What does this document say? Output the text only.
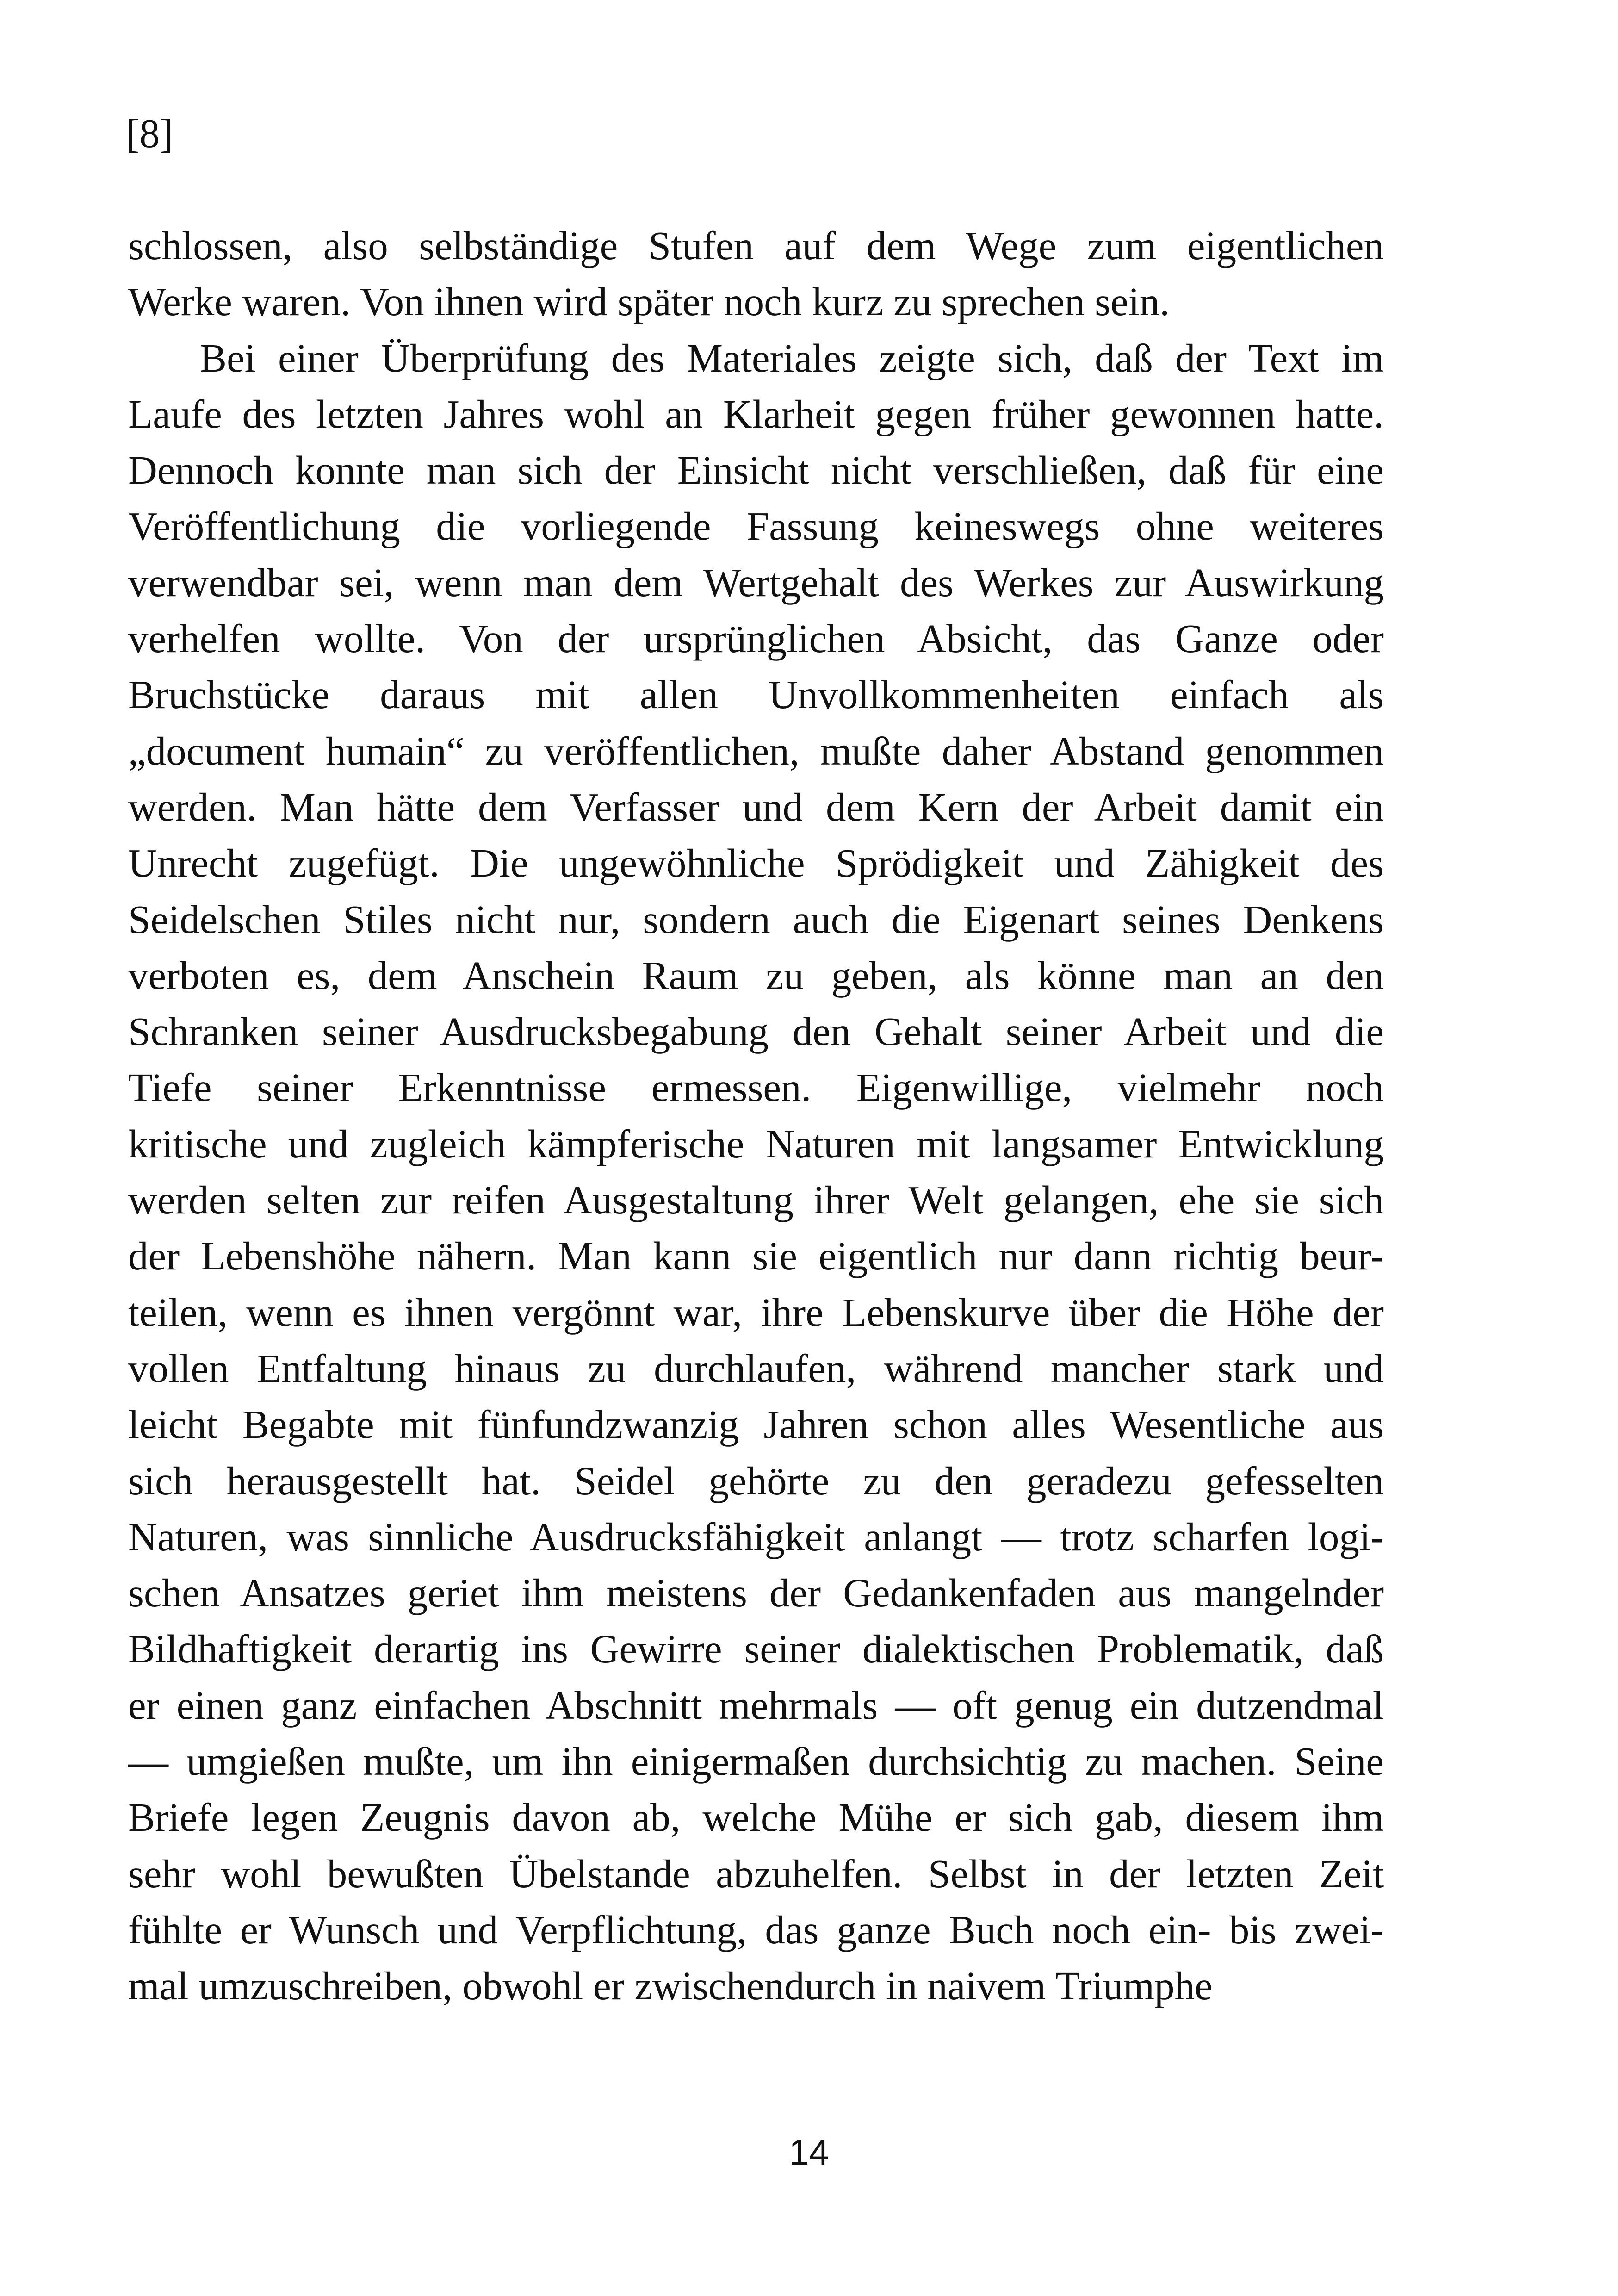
[8]
schlossen, also selbständige Stufen auf dem Wege zum eigentlichen
Werke waren. Von ihnen wird später noch kurz zu sprechen sein.
Bei einer Überprüfung des Materiales zeigte sich, daß der Text im
Laufe des letzten Jahres wohl an Klarheit gegen früher gewonnen hatte.
Dennoch konnte man sich der Einsicht nicht verschließen, daß für eine
Veröffentlichung die vorliegende Fassung keineswegs ohne weiteres
verwendbar sei, wenn man dem Wertgehalt des Werkes zur Auswirkung
verhelfen wollte. Von der ursprünglichen Absicht, das Ganze oder
Bruchstücke daraus mit allen Unvollkommenheiten einfach als
„document humain“ zu veröffentlichen, mußte daher Abstand genommen
werden. Man hätte dem Verfasser und dem Kern der Arbeit damit ein
Unrecht zugefügt. Die ungewöhnliche Sprödigkeit und Zähigkeit des
Seidelschen Stiles nicht nur, sondern auch die Eigenart seines Denkens
verboten es, dem Anschein Raum zu geben, als könne man an den
Schranken seiner Ausdrucksbegabung den Gehalt seiner Arbeit und die
Tiefe seiner Erkenntnisse ermessen. Eigenwillige, vielmehr noch
kritische und zugleich kämpferische Naturen mit langsamer Entwicklung
werden selten zur reifen Ausgestaltung ihrer Welt gelangen, ehe sie sich
der Lebenshöhe nähern. Man kann sie eigentlich nur dann richtig beur-
teilen, wenn es ihnen vergönnt war, ihre Lebenskurve über die Höhe der
vollen Entfaltung hinaus zu durchlaufen, während mancher stark und
leicht Begabte mit fünfundzwanzig Jahren schon alles Wesentliche aus
sich herausgestellt hat. Seidel gehörte zu den geradezu gefesselten
Naturen, was sinnliche Ausdrucksfähigkeit anlangt — trotz scharfen logi-
schen Ansatzes geriet ihm meistens der Gedankenfaden aus mangelnder
Bildhaftigkeit derartig ins Gewirre seiner dialektischen Problematik, daß
er einen ganz einfachen Abschnitt mehrmals — oft genug ein dutzendmal
— umgießen mußte, um ihn einigermaßen durchsichtig zu machen. Seine
Briefe legen Zeugnis davon ab, welche Mühe er sich gab, diesem ihm
sehr wohl bewußten Übelstande abzuhelfen. Selbst in der letzten Zeit
fühlte er Wunsch und Verpflichtung, das ganze Buch noch ein- bis zwei-
mal umzuschreiben, obwohl er zwischendurch in naivem Triumphe
14
